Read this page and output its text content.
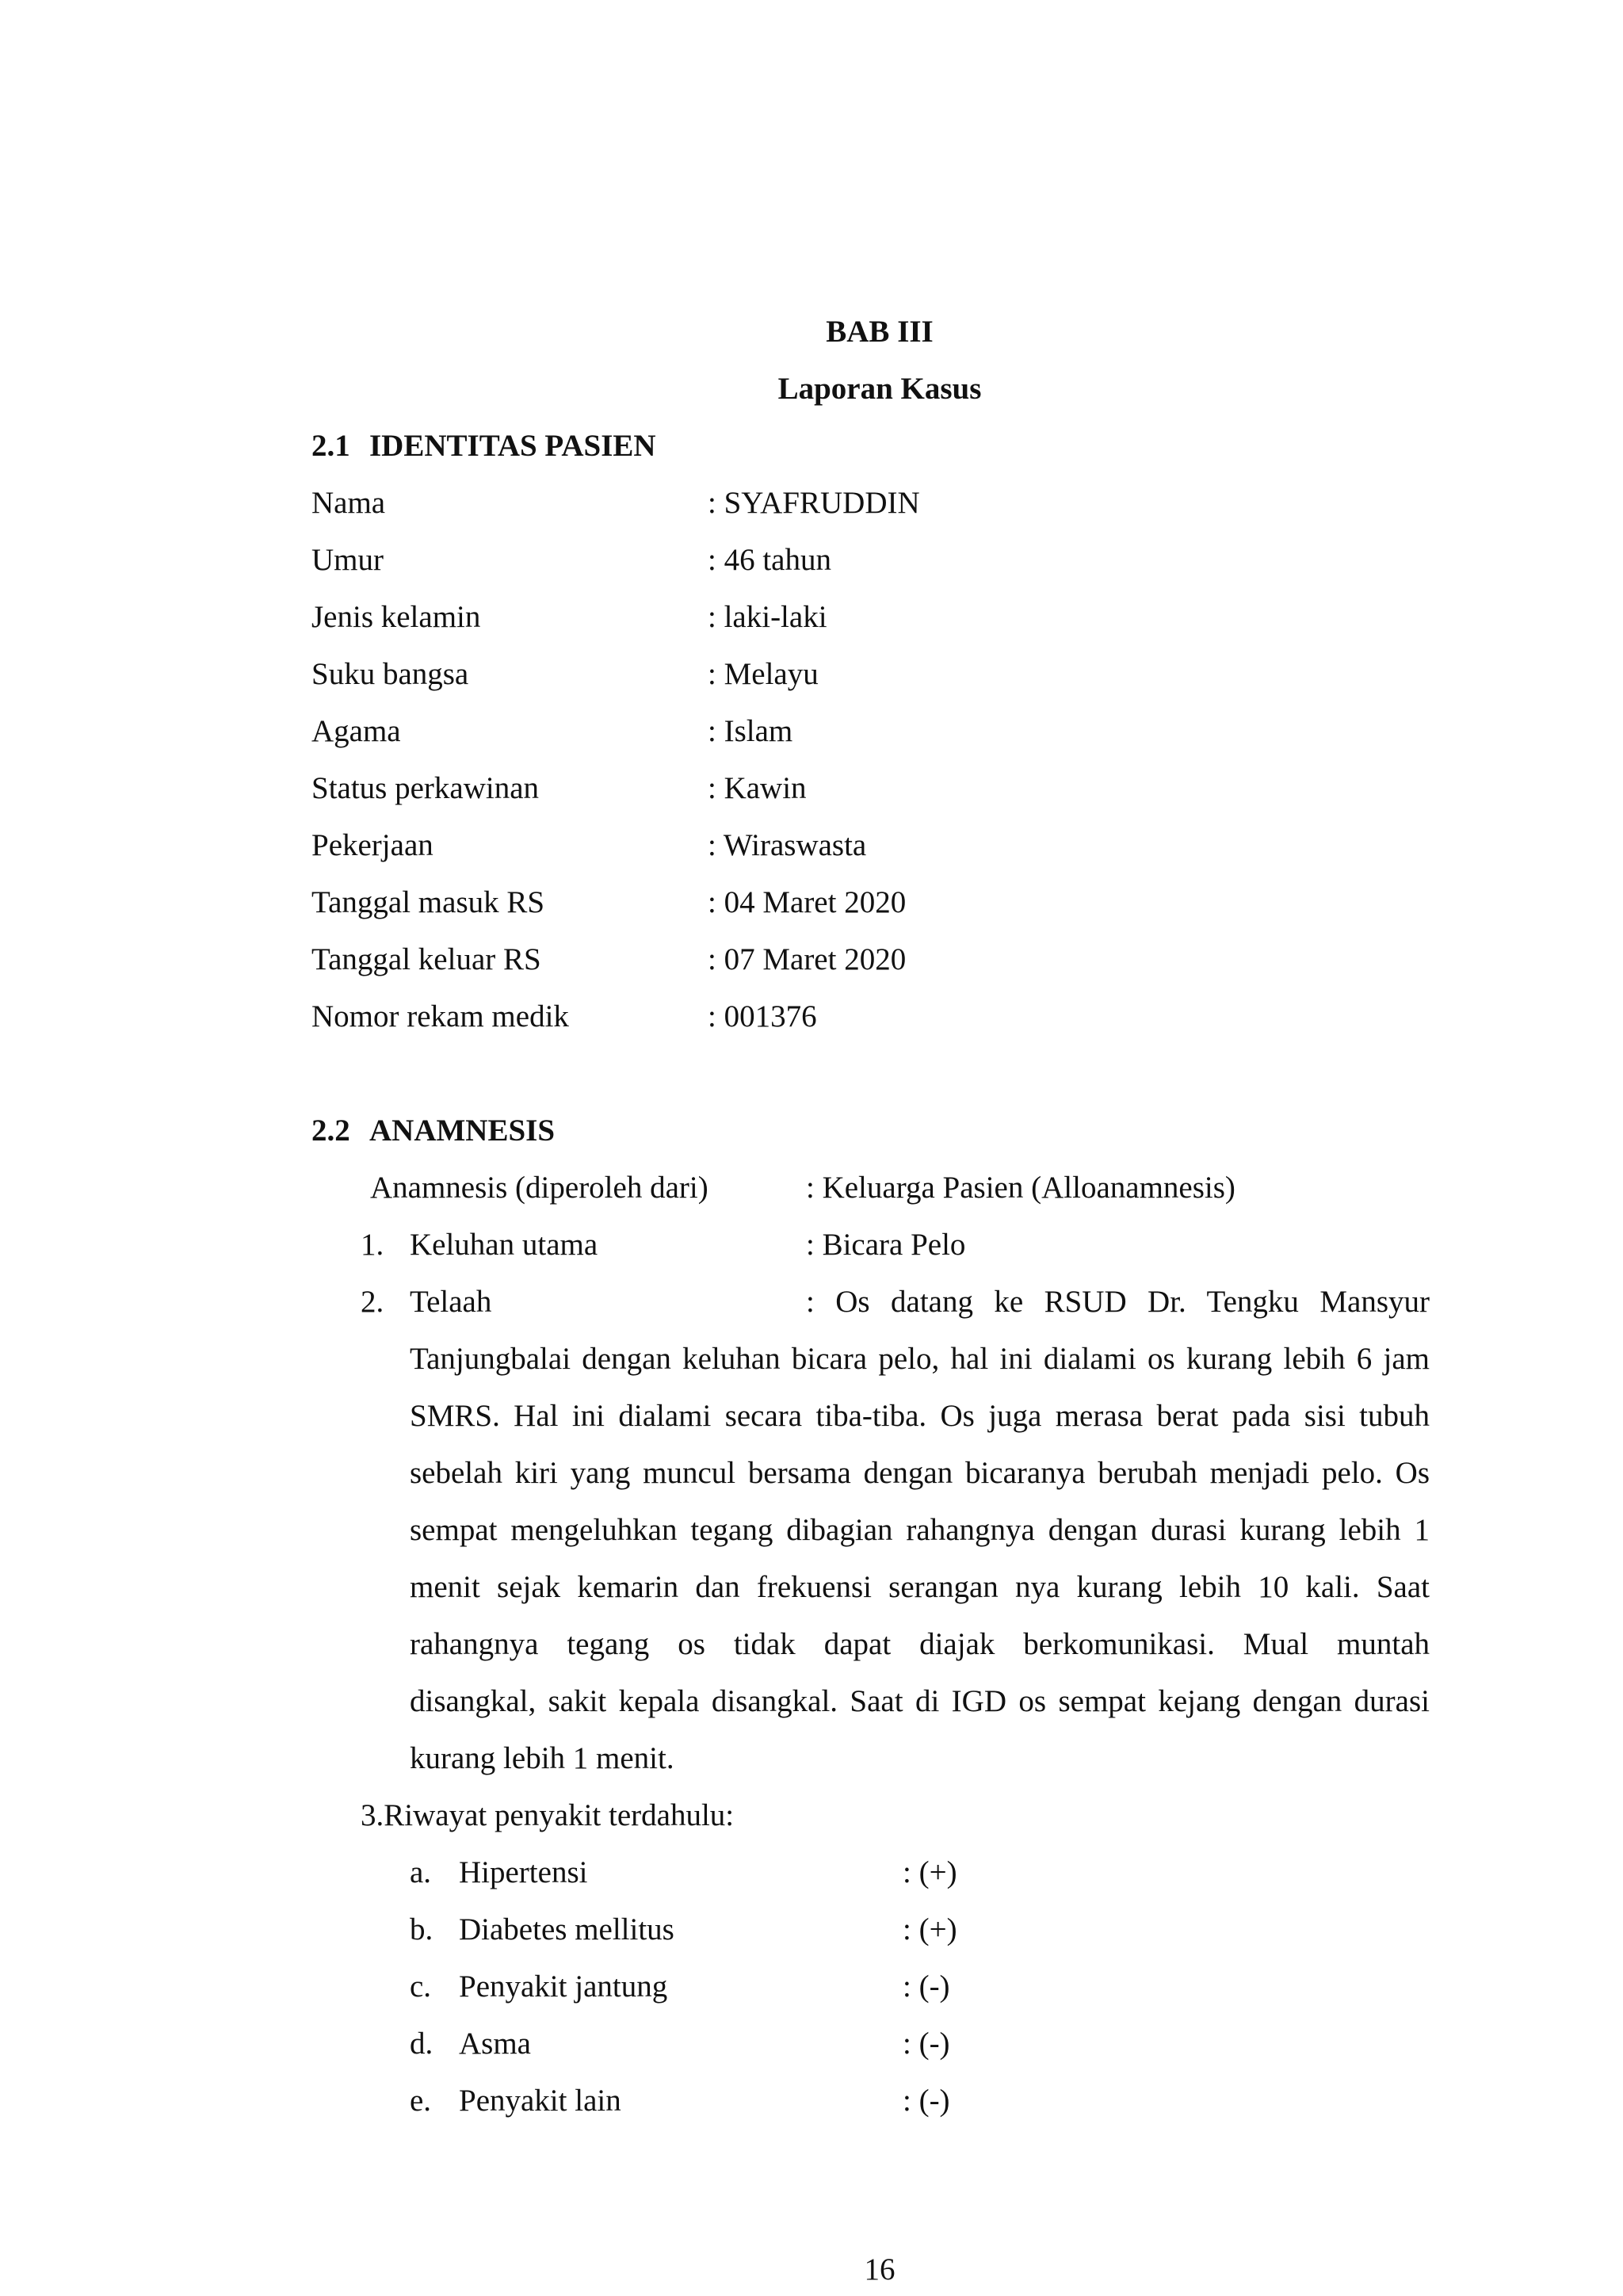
BAB III
Laporan Kasus
2.1 IDENTITAS PASIEN
Nama	: SYAFRUDDIN
Umur	: 46 tahun
Jenis kelamin	: laki-laki
Suku bangsa	: Melayu
Agama	: Islam
Status perkawinan	: Kawin
Pekerjaan	: Wiraswasta
Tanggal masuk RS	: 04 Maret 2020
Tanggal keluar RS	: 07 Maret 2020
Nomor rekam medik	: 001376
2.2 ANAMNESIS
Anamnesis (diperoleh dari)	: Keluarga Pasien (Alloanamnesis)
1. Keluhan utama	: Bicara Pelo
2. Telaah	: Os datang ke RSUD Dr. Tengku Mansyur
Tanjungbalai dengan keluhan bicara pelo, hal ini dialami os kurang lebih 6 jam
SMRS. Hal ini dialami secara tiba-tiba. Os juga merasa berat pada sisi tubuh
sebelah kiri yang muncul bersama dengan bicaranya berubah menjadi pelo. Os
sempat mengeluhkan tegang dibagian rahangnya dengan durasi kurang lebih 1
menit sejak kemarin dan frekuensi serangan nya kurang lebih 10 kali. Saat
rahangnya tegang os tidak dapat diajak berkomunikasi. Mual muntah
disangkal, sakit kepala disangkal. Saat di IGD os sempat kejang dengan durasi
kurang lebih 1 menit.
3.Riwayat penyakit terdahulu:
a. Hipertensi	: (+)
b. Diabetes mellitus	: (+)
c. Penyakit jantung	: (-)
d. Asma	: (-)
e. Penyakit lain	: (-)
16
